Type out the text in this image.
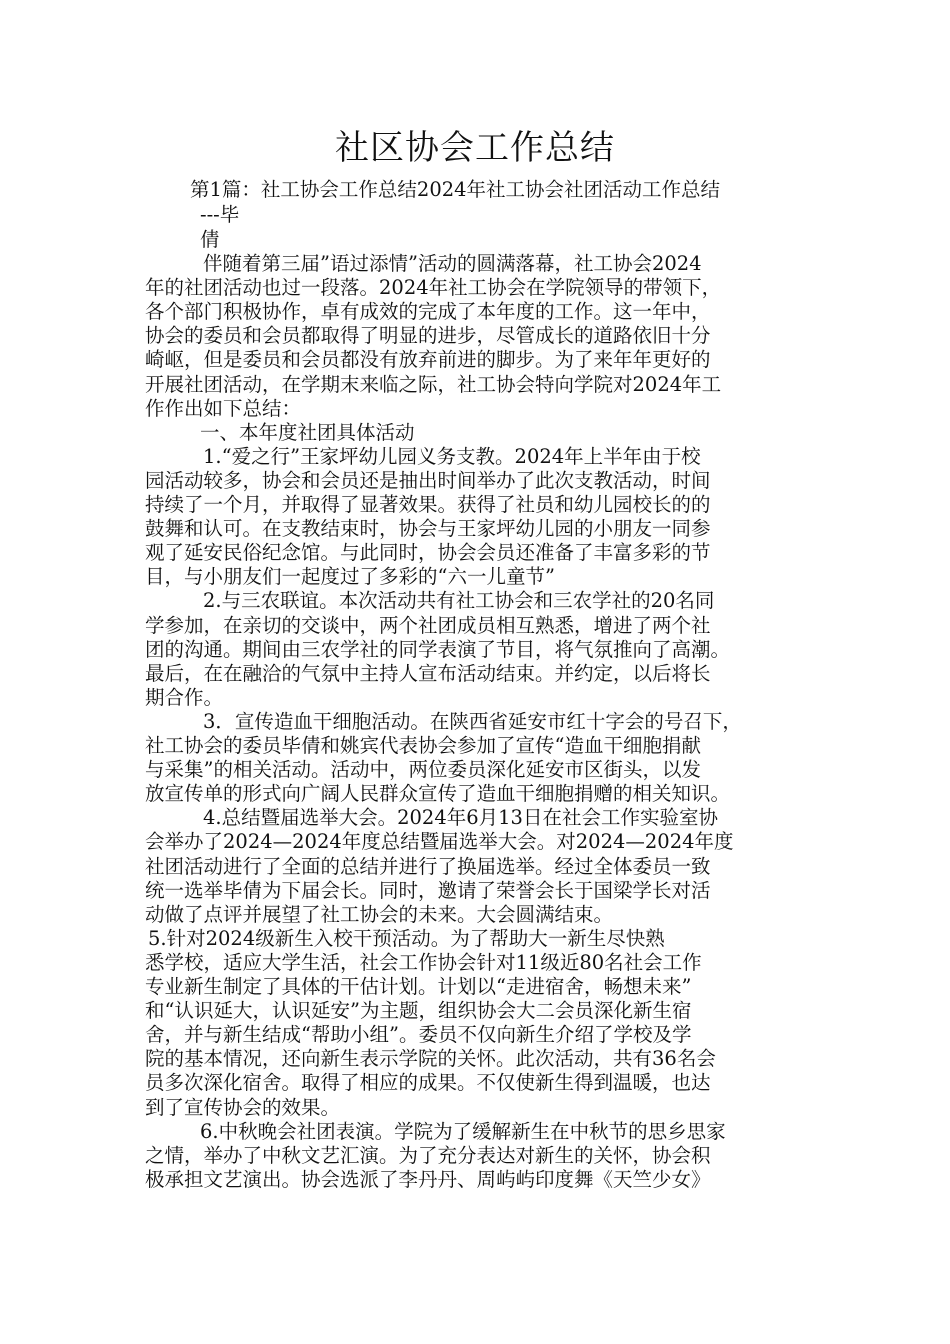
社区协会工作总结
第1篇：社工协会工作总结2024年社工协会社团活动工作总结
---毕
倩
伴随着第三届”语过添情”活动的圆满落幕，社工协会2024
年的社团活动也过一段落。2024年社工协会在学院领导的带领下，
各个部门积极协作，卓有成效的完成了本年度的工作。这一年中，
协会的委员和会员都取得了明显的进步，尽管成长的道路依旧十分
崎岖，但是委员和会员都没有放弃前进的脚步。为了来年年更好的
开展社团活动，在学期末来临之际，社工协会特向学院对2024年工
作作出如下总结：
一、本年度社团具体活动
1.“爱之行”王家坪幼儿园义务支教。2024年上半年由于校
园活动较多，协会和会员还是抽出时间举办了此次支教活动，时间
持续了一个月，并取得了显著效果。获得了社员和幼儿园校长的的
鼓舞和认可。在支教结束时，协会与王家坪幼儿园的小朋友一同参
观了延安民俗纪念馆。与此同时，协会会员还准备了丰富多彩的节
目，与小朋友们一起度过了多彩的“六一儿童节”
2.与三农联谊。本次活动共有社工协会和三农学社的20名同
学参加，在亲切的交谈中，两个社团成员相互熟悉，增进了两个社
团的沟通。期间由三农学社的同学表演了节目，将气氛推向了高潮。
最后，在在融洽的气氛中主持人宣布活动结束。并约定，以后将长
期合作。
3．宣传造血干细胞活动。在陕西省延安市红十字会的号召下，
社工协会的委员毕倩和姚宾代表协会参加了宣传“造血干细胞捐献
与采集”的相关活动。活动中，两位委员深化延安市区街头，以发
放宣传单的形式向广阔人民群众宣传了造血干细胞捐赠的相关知识。
4.总结暨届选举大会。2024年6月13日在社会工作实验室协
会举办了2024—2024年度总结暨届选举大会。对2024—2024年度
社团活动进行了全面的总结并进行了换届选举。经过全体委员一致
统一选举毕倩为下届会长。同时，邀请了荣誉会长于国梁学长对活
动做了点评并展望了社工协会的未来。大会圆满结束。
5.针对2024级新生入校干预活动。为了帮助大一新生尽快熟
悉学校，适应大学生活，社会工作协会针对11级近80名社会工作
专业新生制定了具体的干估计划。计划以“走进宿舍，畅想未来”
和“认识延大，认识延安”为主题，组织协会大二会员深化新生宿
舍，并与新生结成“帮助小组”。委员不仅向新生介绍了学校及学
院的基本情况，还向新生表示学院的关怀。此次活动，共有36名会
员多次深化宿舍。取得了相应的成果。不仅使新生得到温暖，也达
到了宣传协会的效果。
6.中秋晚会社团表演。学院为了缓解新生在中秋节的思乡思家
之情，举办了中秋文艺汇演。为了充分表达对新生的关怀，协会积
极承担文艺演出。协会选派了李丹丹、周屿屿印度舞《天竺少女》
